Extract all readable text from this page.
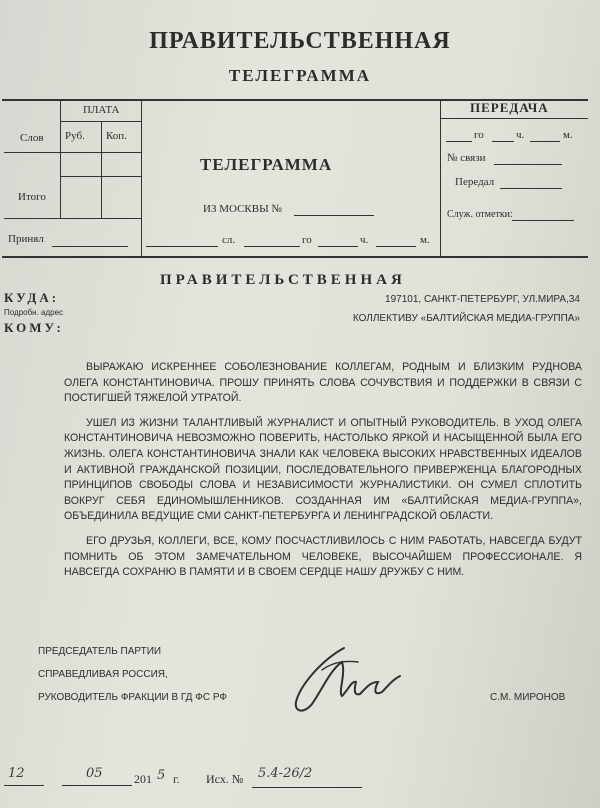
ПРАВИТЕЛЬСТВЕННАЯ
ТЕЛЕГРАММА
ПЛАТА
Слов Руб. Коп.
Итого
Принял
ТЕЛЕГРАММА
ИЗ МОСКВЫ №
сл.	го	ч.	м.
ПЕРЕДАЧА
го	ч.	м.
№ связи
Передал
Служ. отметки:
ПРАВИТЕЛЬСТВЕННАЯ
КУДА:
Подробн. адрес
197101, САНКТ-ПЕТЕРБУРГ, УЛ.МИРА,34
КОЛЛЕКТИВУ «БАЛТИЙСКАЯ МЕДИА-ГРУППА»
КОМУ:

ВЫРАЖАЮ ИСКРЕННЕЕ СОБОЛЕЗНОВАНИЕ КОЛЛЕГАМ, РОДНЫМ И БЛИЗКИМ РУДНОВА ОЛЕГА КОНСТАНТИНОВИЧА. ПРОШУ ПРИНЯТЬ СЛОВА СОЧУВСТВИЯ И ПОДДЕРЖКИ В СВЯЗИ С ПОСТИГШЕЙ ТЯЖЕЛОЙ УТРАТОЙ.

УШЕЛ ИЗ ЖИЗНИ ТАЛАНТЛИВЫЙ ЖУРНАЛИСТ И ОПЫТНЫЙ РУКОВОДИТЕЛЬ. В УХОД ОЛЕГА КОНСТАНТИНОВИЧА НЕВОЗМОЖНО ПОВЕРИТЬ, НАСТОЛЬКО ЯРКОЙ И НАСЫЩЕННОЙ БЫЛА ЕГО ЖИЗНЬ. ОЛЕГА КОНСТАНТИНОВИЧА ЗНАЛИ КАК ЧЕЛОВЕКА ВЫСОКИХ НРАВСТВЕННЫХ ИДЕАЛОВ И АКТИВНОЙ ГРАЖДАНСКОЙ ПОЗИЦИИ, ПОСЛЕДОВАТЕЛЬНОГО ПРИВЕРЖЕНЦА БЛАГОРОДНЫХ ПРИНЦИПОВ СВОБОДЫ СЛОВА И НЕЗАВИСИМОСТИ ЖУРНАЛИСТИКИ. ОН СУМЕЛ СПЛОТИТЬ ВОКРУГ СЕБЯ ЕДИНОМЫШЛЕННИКОВ. СОЗДАННАЯ ИМ «БАЛТИЙСКАЯ МЕДИА-ГРУППА», ОБЪЕДИНИЛА ВЕДУЩИЕ СМИ САНКТ-ПЕТЕРБУРГА И ЛЕНИНГРАДСКОЙ ОБЛАСТИ.

ЕГО ДРУЗЬЯ, КОЛЛЕГИ, ВСЕ, КОМУ ПОСЧАСТЛИВИЛОСЬ С НИМ РАБОТАТЬ, НАВСЕГДА БУДУТ ПОМНИТЬ ОБ ЭТОМ ЗАМЕЧАТЕЛЬНОМ ЧЕЛОВЕКЕ, ВЫСОЧАЙШЕМ ПРОФЕССИОНАЛЕ. Я НАВСЕГДА СОХРАНЮ В ПАМЯТИ И В СВОЕМ СЕРДЦЕ НАШУ ДРУЖБУ С НИМ.

ПРЕДСЕДАТЕЛЬ ПАРТИИ
СПРАВЕДЛИВАЯ РОССИЯ,
РУКОВОДИТЕЛЬ ФРАКЦИИ В ГД ФС РФ	С.М. МИРОНОВ
12	05	201 5 г. Исх. № 5.4-26/2
